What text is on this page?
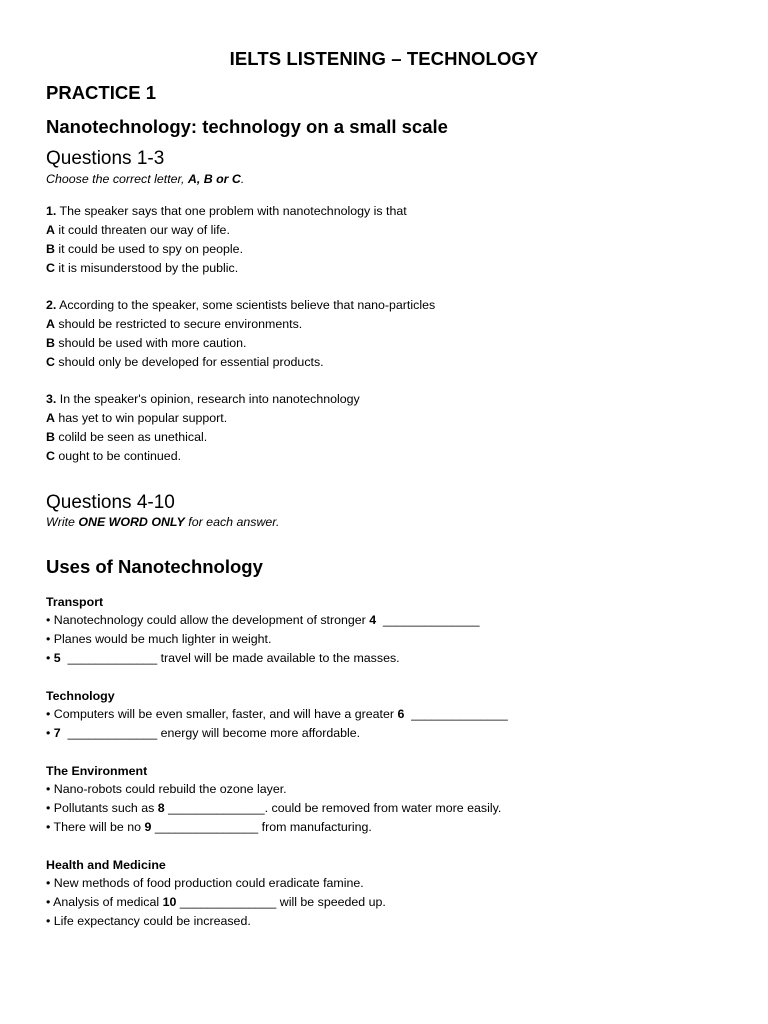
IELTS LISTENING – TECHNOLOGY
PRACTICE 1
Nanotechnology: technology on a small scale
Questions 1-3
Choose the correct letter, A, B or C.
1. The speaker says that one problem with nanotechnology is that
A it could threaten our way of life.
B it could be used to spy on people.
C it is misunderstood by the public.
2. According to the speaker, some scientists believe that nano-particles
A should be restricted to secure environments.
B should be used with more caution.
C should only be developed for essential products.
3. In the speaker's opinion, research into nanotechnology
A has yet to win popular support.
B colild be seen as unethical.
C ought to be continued.
Questions 4-10
Write ONE WORD ONLY for each answer.
Uses of Nanotechnology
Transport
• Nanotechnology could allow the development of stronger 4  ______________
• Planes would be much lighter in weight.
• 5  _____________ travel will be made available to the masses.
Technology
• Computers will be even smaller, faster, and will have a greater 6  ______________
• 7  _____________ energy will become more affordable.
The Environment
• Nano-robots could rebuild the ozone layer.
• Pollutants such as 8 ______________. could be removed from water more easily.
• There will be no 9 _______________ from manufacturing.
Health and Medicine
• New methods of food production could eradicate famine.
• Analysis of medical 10 ______________ will be speeded up.
• Life expectancy could be increased.
